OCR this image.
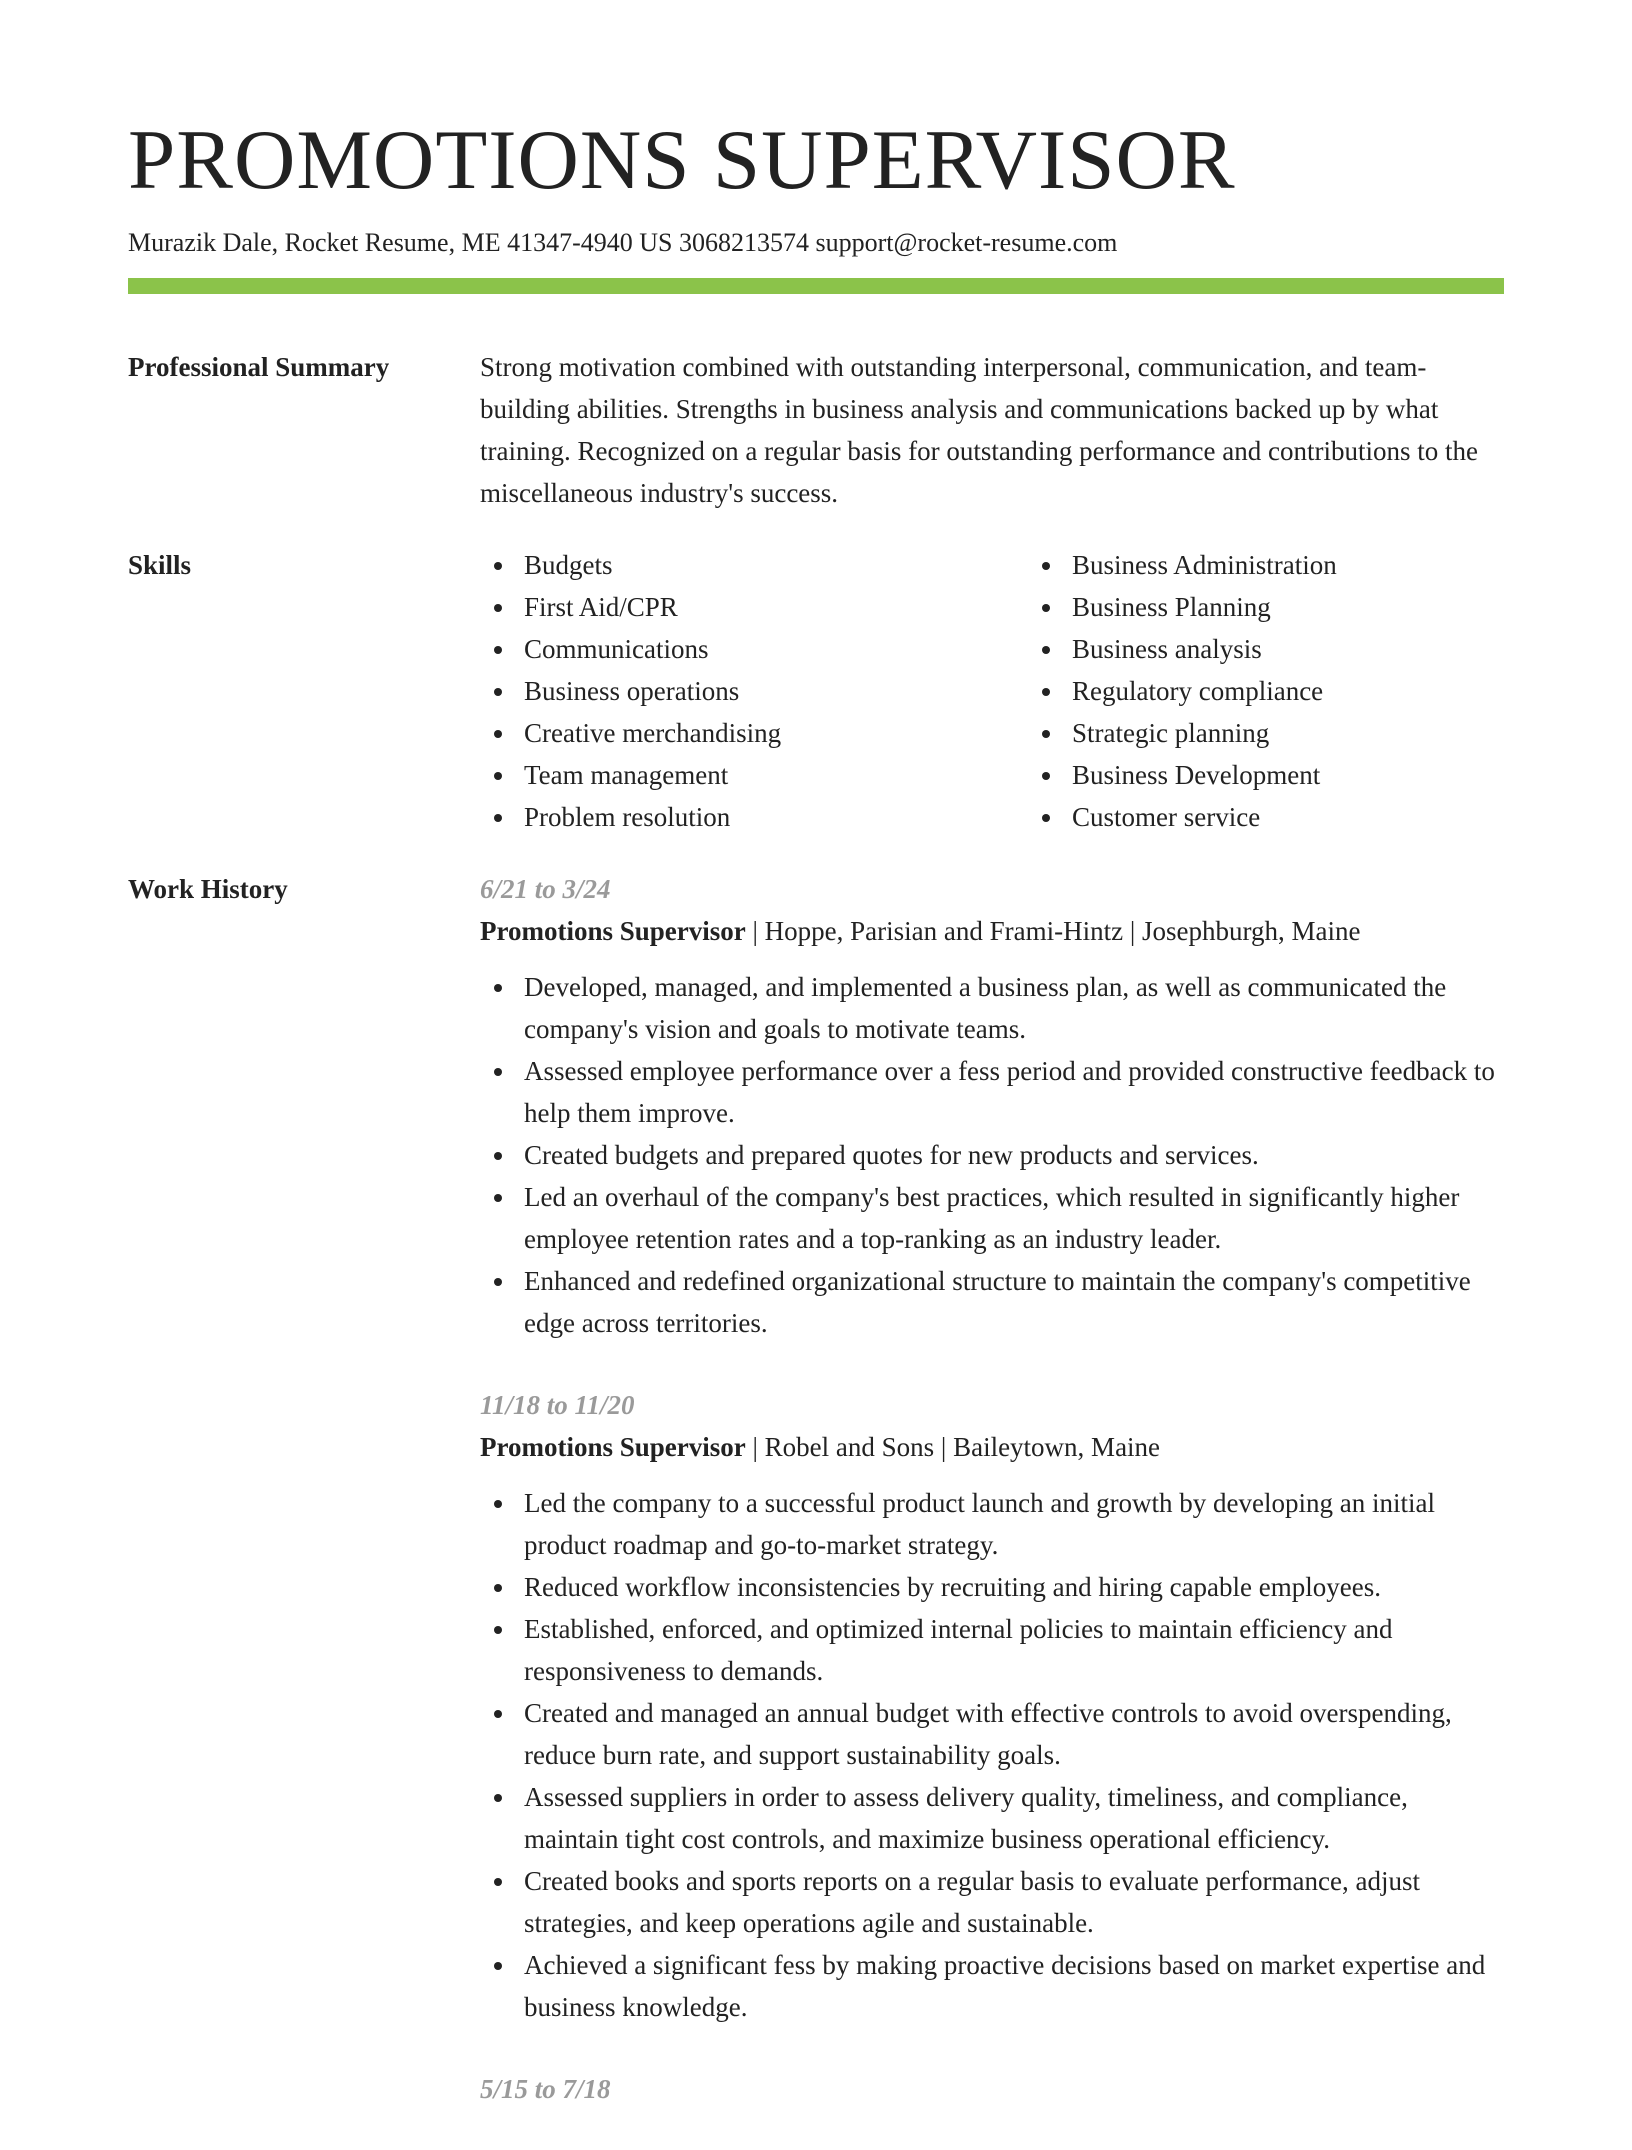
PROMOTIONS SUPERVISOR
Murazik Dale, Rocket Resume, ME 41347-4940 US 3068213574 support@rocket-resume.com
Professional Summary	Strong motivation combined with outstanding interpersonal, communication, and team-building abilities. Strengths in business analysis and communications backed up by what training. Recognized on a regular basis for outstanding performance and contributions to the miscellaneous industry's success.

Skills	Budgets
First Aid/CPR
Communications
Business operations
Creative merchandising
Team management
Problem resolution
Business Administration
Business Planning
Business analysis
Regulatory compliance
Strategic planning
Business Development
Customer service
Work History	6/21 to 3/24
Promotions Supervisor | Hoppe, Parisian and Frami-Hintz | Josephburgh, Maine
Developed, managed, and implemented a business plan, as well as communicated the company's vision and goals to motivate teams.
Assessed employee performance over a fess period and provided constructive feedback to help them improve.
Created budgets and prepared quotes for new products and services.
Led an overhaul of the company's best practices, which resulted in significantly higher employee retention rates and a top-ranking as an industry leader.
Enhanced and redefined organizational structure to maintain the company's competitive edge across territories.
11/18 to 11/20
Promotions Supervisor | Robel and Sons | Baileytown, Maine
Led the company to a successful product launch and growth by developing an initial product roadmap and go-to-market strategy.
Reduced workflow inconsistencies by recruiting and hiring capable employees.
Established, enforced, and optimized internal policies to maintain efficiency and responsiveness to demands.
Created and managed an annual budget with effective controls to avoid overspending, reduce burn rate, and support sustainability goals.
Assessed suppliers in order to assess delivery quality, timeliness, and compliance, maintain tight cost controls, and maximize business operational efficiency.
Created books and sports reports on a regular basis to evaluate performance, adjust strategies, and keep operations agile and sustainable.
Achieved a significant fess by making proactive decisions based on market expertise and business knowledge.
5/15 to 7/18
